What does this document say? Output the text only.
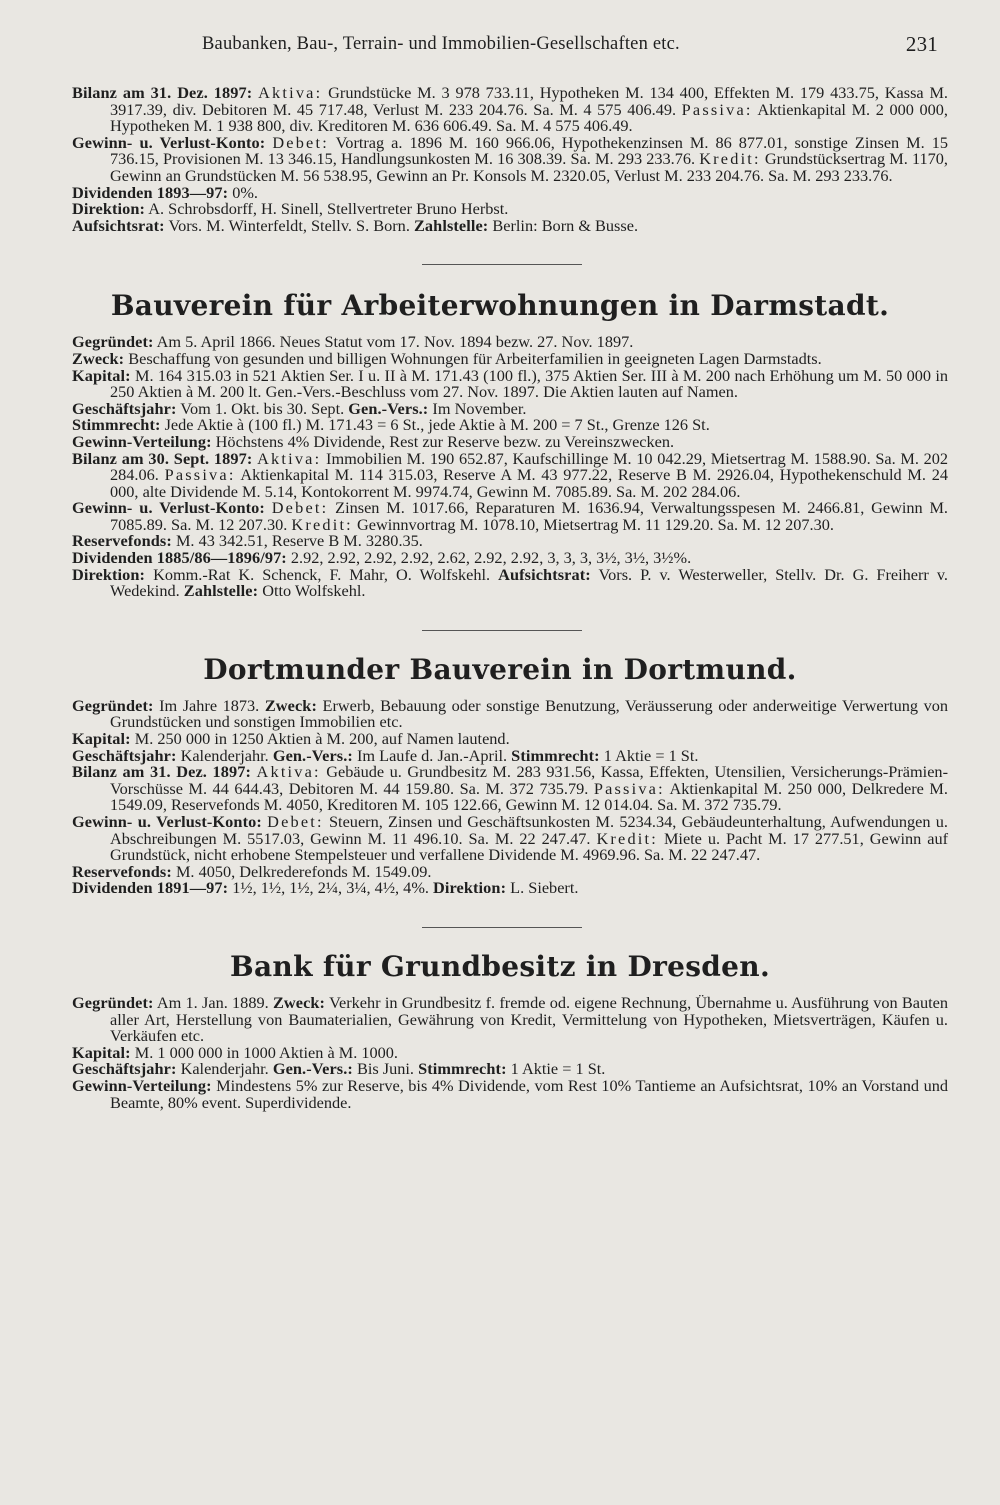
Baubanken, Bau-, Terrain- und Immobilien-Gesellschaften etc.	231

Bilanz am 31. Dez. 1897: Aktiva: Grundstücke M. 3 978 733.11, Hypotheken M. 134 400, Effekten M. 179 433.75, Kassa M. 3917.39, div. Debitoren M. 45 717.48, Verlust M. 233 204.76. Sa. M. 4 575 406.49. Passiva: Aktienkapital M. 2 000 000, Hypotheken M. 1 938 800, div. Kreditoren M. 636 606.49. Sa. M. 4 575 406.49.

Gewinn- u. Verlust-Konto: Debet: Vortrag a. 1896 M. 160 966.06, Hypothekenzinsen M. 86 877.01, sonstige Zinsen M. 15 736.15, Provisionen M. 13 346.15, Handlungsunkosten M. 16 308.39. Sa. M. 293 233.76. Kredit: Grundstücksertrag M. 1170, Gewinn an Grundstücken M. 56 538.95, Gewinn an Pr. Konsols M. 2320.05, Verlust M. 233 204.76. Sa. M. 293 233.76.

Dividenden 1893—97: 0%.

Direktion: A. Schrobsdorff, H. Sinell, Stellvertreter Bruno Herbst.

Aufsichtsrat: Vors. M. Winterfeldt, Stellv. S. Born. Zahlstelle: Berlin: Born & Busse.

Bauverein für Arbeiterwohnungen in Darmstadt.

Gegründet: Am 5. April 1866. Neues Statut vom 17. Nov. 1894 bezw. 27. Nov. 1897.

Zweck: Beschaffung von gesunden und billigen Wohnungen für Arbeiterfamilien in geeigneten Lagen Darmstadts.

Kapital: M. 164 315.03 in 521 Aktien Ser. I u. II à M. 171.43 (100 fl.), 375 Aktien Ser. III à M. 200 nach Erhöhung um M. 50 000 in 250 Aktien à M. 200 lt. Gen.-Vers.-Beschluss vom 27. Nov. 1897. Die Aktien lauten auf Namen.

Geschäftsjahr: Vom 1. Okt. bis 30. Sept. Gen.-Vers.: Im November.

Stimmrecht: Jede Aktie à (100 fl.) M. 171.43 = 6 St., jede Aktie à M. 200 = 7 St., Grenze 126 St.

Gewinn-Verteilung: Höchstens 4% Dividende, Rest zur Reserve bezw. zu Vereinszwecken.

Bilanz am 30. Sept. 1897: Aktiva: Immobilien M. 190 652.87, Kaufschillinge M. 10 042.29, Mietsertrag M. 1588.90. Sa. M. 202 284.06. Passiva: Aktienkapital M. 114 315.03, Reserve A M. 43 977.22, Reserve B M. 2926.04, Hypothekenschuld M. 24 000, alte Dividende M. 5.14, Kontokorrent M. 9974.74, Gewinn M. 7085.89. Sa. M. 202 284.06.

Gewinn- u. Verlust-Konto: Debet: Zinsen M. 1017.66, Reparaturen M. 1636.94, Verwaltungsspesen M. 2466.81, Gewinn M. 7085.89. Sa. M. 12 207.30. Kredit: Gewinnvortrag M. 1078.10, Mietsertrag M. 11 129.20. Sa. M. 12 207.30.

Reservefonds: M. 43 342.51, Reserve B M. 3280.35.

Dividenden 1885/86—1896/97: 2.92, 2.92, 2.92, 2.92, 2.62, 2.92, 2.92, 3, 3, 3, 3½, 3½, 3½%.

Direktion: Komm.-Rat K. Schenck, F. Mahr, O. Wolfskehl. Aufsichtsrat: Vors. P. v. Westerweller, Stellv. Dr. G. Freiherr v. Wedekind. Zahlstelle: Otto Wolfskehl.

Dortmunder Bauverein in Dortmund.

Gegründet: Im Jahre 1873. Zweck: Erwerb, Bebauung oder sonstige Benutzung, Veräusserung oder anderweitige Verwertung von Grundstücken und sonstigen Immobilien etc.

Kapital: M. 250 000 in 1250 Aktien à M. 200, auf Namen lautend.

Geschäftsjahr: Kalenderjahr. Gen.-Vers.: Im Laufe d. Jan.-April. Stimmrecht: 1 Aktie = 1 St.

Bilanz am 31. Dez. 1897: Aktiva: Gebäude u. Grundbesitz M. 283 931.56, Kassa, Effekten, Utensilien, Versicherungs-Prämien-Vorschüsse M. 44 644.43, Debitoren M. 44 159.80. Sa. M. 372 735.79. Passiva: Aktienkapital M. 250 000, Delkredere M. 1549.09, Reservefonds M. 4050, Kreditoren M. 105 122.66, Gewinn M. 12 014.04. Sa. M. 372 735.79.

Gewinn- u. Verlust-Konto: Debet: Steuern, Zinsen und Geschäftsunkosten M. 5234.34, Gebäudeunterhaltung, Aufwendungen u. Abschreibungen M. 5517.03, Gewinn M. 11 496.10. Sa. M. 22 247.47. Kredit: Miete u. Pacht M. 17 277.51, Gewinn auf Grundstück, nicht erhobene Stempelsteuer und verfallene Dividende M. 4969.96. Sa. M. 22 247.47.

Reservefonds: M. 4050, Delkrederefonds M. 1549.09.

Dividenden 1891—97: 1½, 1½, 1½, 2¼, 3¼, 4½, 4%. Direktion: L. Siebert.

Bank für Grundbesitz in Dresden.

Gegründet: Am 1. Jan. 1889. Zweck: Verkehr in Grundbesitz f. fremde od. eigene Rechnung, Übernahme u. Ausführung von Bauten aller Art, Herstellung von Baumaterialien, Gewährung von Kredit, Vermittelung von Hypotheken, Mietsverträgen, Käufen u. Verkäufen etc.

Kapital: M. 1 000 000 in 1000 Aktien à M. 1000.

Geschäftsjahr: Kalenderjahr. Gen.-Vers.: Bis Juni. Stimmrecht: 1 Aktie = 1 St.

Gewinn-Verteilung: Mindestens 5% zur Reserve, bis 4% Dividende, vom Rest 10% Tantieme an Aufsichtsrat, 10% an Vorstand und Beamte, 80% event. Superdividende.
